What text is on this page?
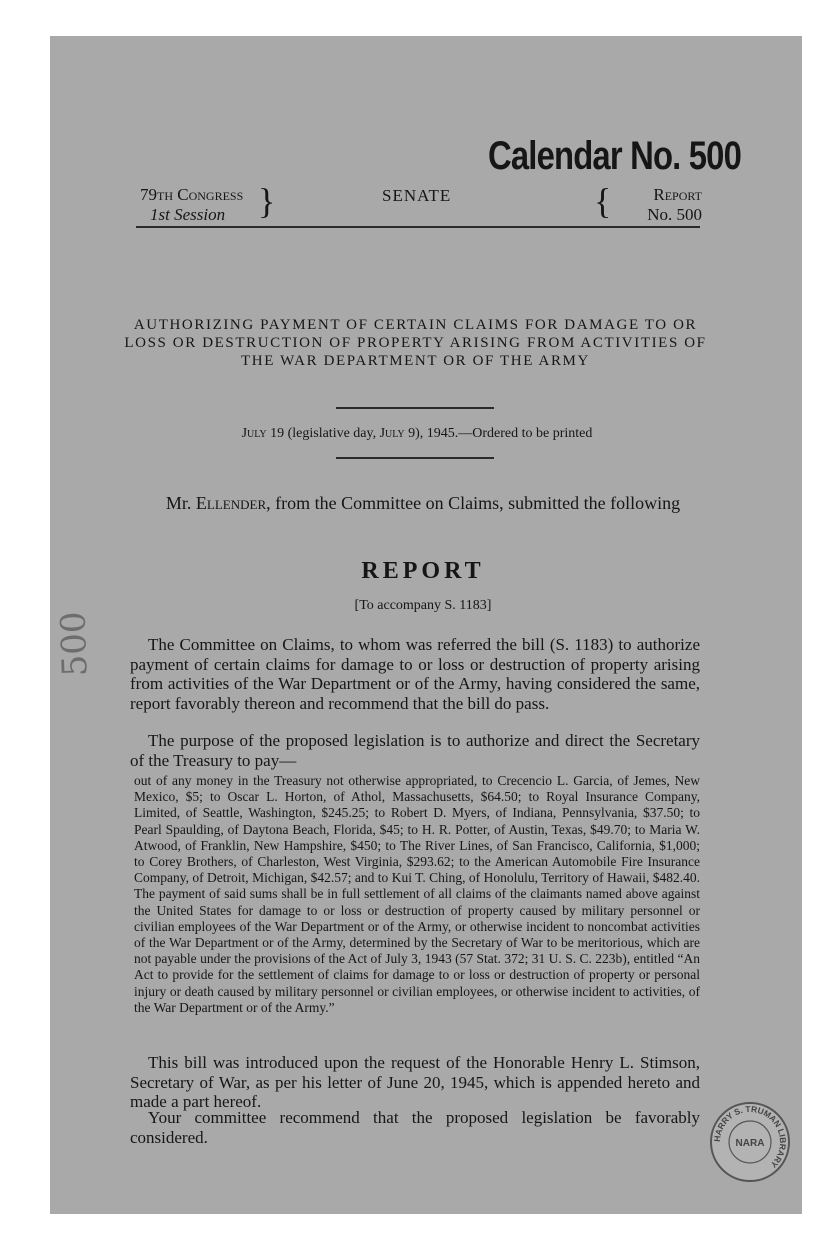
Calendar No. 500
79th Congress
1st Session }	SENATE	{	Report
No. 500
AUTHORIZING PAYMENT OF CERTAIN CLAIMS FOR DAMAGE TO OR LOSS OR DESTRUCTION OF PROPERTY ARISING FROM ACTIVITIES OF THE WAR DEPARTMENT OR OF THE ARMY
July 19 (legislative day, July 9), 1945.—Ordered to be printed
Mr. Ellender, from the Committee on Claims, submitted the following
REPORT
[To accompany S. 1183]
The Committee on Claims, to whom was referred the bill (S. 1183) to authorize payment of certain claims for damage to or loss or destruction of property arising from activities of the War Department or of the Army, having considered the same, report favorably thereon and recommend that the bill do pass.
The purpose of the proposed legislation is to authorize and direct the Secretary of the Treasury to pay—
out of any money in the Treasury not otherwise appropriated, to Crecencio L. Garcia, of Jemes, New Mexico, $5; to Oscar L. Horton, of Athol, Massachusetts, $64.50; to Royal Insurance Company, Limited, of Seattle, Washington, $245.25; to Robert D. Myers, of Indiana, Pennsylvania, $37.50; to Pearl Spaulding, of Daytona Beach, Florida, $45; to H. R. Potter, of Austin, Texas, $49.70; to Maria W. Atwood, of Franklin, New Hampshire, $450; to The River Lines, of San Francisco, California, $1,000; to Corey Brothers, of Charleston, West Virginia, $293.62; to the American Automobile Fire Insurance Company, of Detroit, Michigan, $42.57; and to Kui T. Ching, of Honolulu, Territory of Hawaii, $482.40. The payment of said sums shall be in full settlement of all claims of the claimants named above against the United States for damage to or loss or destruction of property caused by military personnel or civilian employees of the War Department or of the Army, or otherwise incident to noncombat activities of the War Department or of the Army, determined by the Secretary of War to be meritorious, which are not payable under the provisions of the Act of July 3, 1943 (57 Stat. 372; 31 U. S. C. 223b), entitled “An Act to provide for the settlement of claims for damage to or loss or destruction of property or personal injury or death caused by military personnel or civilian employees, or otherwise incident to activities, of the War Department or of the Army.”
This bill was introduced upon the request of the Honorable Henry L. Stimson, Secretary of War, as per his letter of June 20, 1945, which is appended hereto and made a part hereof.
Your committee recommend that the proposed legislation be favorably considered.
500
HARRY S. TRUMAN LIBRARY
NARA
